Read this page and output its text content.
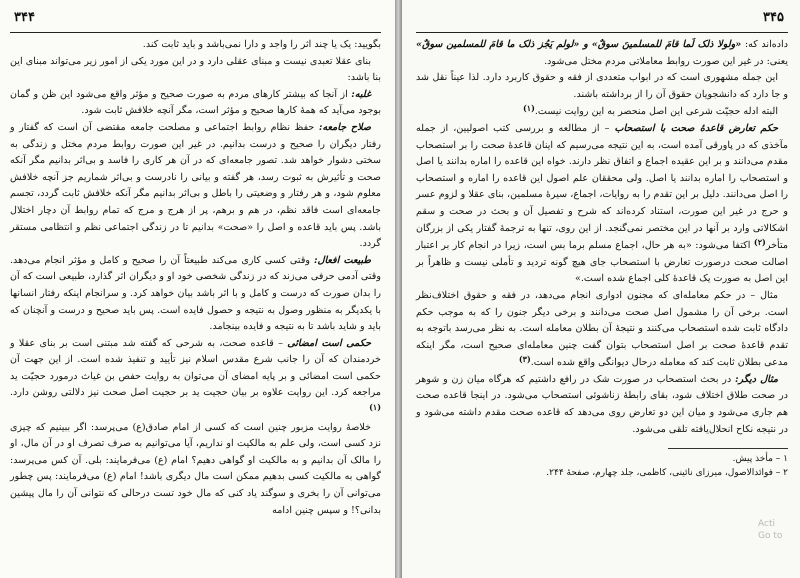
۳۴۴

بگویید: یک یا چند اثر را واجد و دارا نمی‌باشد و باید ثابت کند.

بنای عقلا تعبدی نیست و مبنای عقلی دارد و در این مورد یکی از امور زیر می‌تواند مبنای این بنا باشد:

غلبه: از آنجا که بیشتر کارهای مردم به صورت صحیح و مؤثر واقع می‌شود این ظن و گمان بوجود می‌آید که همهٔ کارها صحیح و مؤثر است، مگر آنچه خلافش ثابت شود.

صلاح جامعه: حفظ نظام روابط اجتماعی و مصلحت جامعه مقتضی آن است که گفتار و رفتار دیگران را صحیح و درست بدانیم. در غیر این صورت روابط مردم مختل و زندگی به سختی دشوار خواهد شد. تصور جامعه‌ای که در آن هر کاری را فاسد و بی‌اثر بدانیم مگر آنکه صحت و تأثیرش به ثبوت رسد، هر گفته و بیانی را نادرست و بی‌اثر شماریم جز آنچه خلافش معلوم شود، و هر رفتار و وضعیتی را باطل و بی‌اثر بدانیم مگر آنکه خلافش ثابت گردد، تجسم جامعه‌ای است فاقد نظم، در هم و برهم، پر از هرج و مرج که تمام روابط آن دچار اختلال باشد. پس باید قاعده و اصل را «صحت» بدانیم تا در زندگی اجتماعی نظم و انتظامی مستقر گردد.

طبیعت افعال: وقتی کسی کاری می‌کند طبیعتاً آن را صحیح و کامل و مؤثر انجام می‌دهد. وقتی آدمی حرفی می‌زند که در زندگی شخصی خود او و دیگران اثر گذارد، طبیعی است که آن را بدان صورت که درست و کامل و با اثر باشد بیان خواهد کرد. و سرانجام اینکه رفتار انسانها با یکدیگر به منظور وصول به نتیجه و حصول فایده است. پس باید صحیح و درست و آنچنان که باید و شاید باشد تا به نتیجه و فایده بینجامد.

حکمی است امضائی – قاعده صحت، به شرحی که گفته شد مبتنی است بر بنای عقلا و خردمندان که آن را جانب شرع مقدس اسلام نیز تأیید و تنفیذ شده است. از این جهت آن حکمی است امضائی و بر پایه امضای آن می‌توان به روایت حفص بن غیاث درمورد حجیّت ید مراجعه کرد. این روایت علاوه بر بیان حجیت ید بر حجیت اصل صحت نیز دلالتی روشن دارد.$^{(۱)}$

خلاصهٔ روایت مزبور چنین است که کسی از امام صادق(ع) می‌پرسد: اگر ببینیم که چیزی نزد کسی است، ولی علم به مالکیت او نداریم، آیا می‌توانیم به صرف تصرف او در آن مال، او را مالک آن بدانیم و به مالکیت او گواهی دهیم؟ امام (ع) می‌فرمایند: بلی. آن کس می‌پرسد: گواهی به مالکیت کسی بدهیم ممکن است مال دیگری باشد! امام (ع) می‌فرمایند: پس چطور می‌توانی آن را بخری و سوگند یاد کنی که مال خود تست درحالی که نتوانی آن را مال پیشین بدانی؟! و سپس چنین ادامه

۳۴۵

داده‌اند که: «ولولا ذلک لَما قامَ للمسلمینَ سوقٌ» و «لولم یَجُز ذلک ما قامَ للمسلمین سوقٌ» یعنی: در غیر این صورت روابط معاملاتی مردم مختل می‌شود.

این جمله مشهوری است که در ابواب متعددی از فقه و حقوق کاربرد دارد. لذا عیناً نقل شد و جا دارد که دانشجویان حقوق آن را از برداشته باشند.

البته ادله حجیّت شرعی این اصل منحصر به این روایت نیست.$^{(۱)}$

حکم تعارض قاعدهٔ صحت با استصحاب – از مطالعه و بررسی کتب اصولیین، از جمله مآخذی که در پاورقی آمده است، به این نتیجه می‌رسیم که اینان قاعدهٔ صحت را بر استصحاب مقدم می‌دانند و بر این عقیده اجماع و اتفاق نظر دارند. خواه این قاعده را اماره بدانند یا اصل و استصحاب را اماره بدانند یا اصل. ولی محققان علم اصول این قاعده را اماره و استصحاب را اصل می‌دانند. دلیل بر این تقدم را به روایات، اجماع، سیرهٔ مسلمین، بنای عقلا و لزوم عسر و حرج در غیر این صورت، استناد کرده‌اند که شرح و تفصیل آن و بحث در صحت و سقم اشکالاتی وارد بر آنها در این مختصر نمی‌گنجد. از این روی، تنها به ترجمهٔ گفتار یکی از بزرگان متأخر$^{(۲)}$ اکتفا می‌شود: «به هر حال، اجماع مسلم برما بس است، زیرا در انجام کار بر اعتبار اصالت صحت درصورت تعارض با استصحاب جای هیچ گونه تردید و تأملی نیست و ظاهراً بر این اصل به صورت یک قاعدهٔ کلی اجماع شده است.»

مثال – در حکم معامله‌ای که مجنون ادواری انجام می‌دهد، در فقه و حقوق اختلاف‌نظر است. برخی آن را مشمول اصل صحت می‌دانند و برخی دیگر جنون را که به موجب حکم دادگاه ثابت شده استصحاب می‌کنند و نتیجهٔ آن بطلان معامله است. به نظر می‌رسد باتوجه به تقدم قاعدهٔ صحت بر اصل استصحاب بتوان گفت چنین معامله‌ای صحیح است، مگر اینکه مدعی بطلان ثابت کند که معامله درحال دیوانگی واقع شده است.$^{(۳)}$

مثال دیگر: در بحث استصحاب در صورت شک در رافع داشتیم که هرگاه میان زن و شوهر در صحت طلاق اختلاف شود، بقای رابطهٔ زناشوئی استصحاب می‌شود. در اینجا قاعده صحت هم جاری می‌شود و میان این دو تعارض روی می‌دهد که قاعده صحت مقدم داشته می‌شود و در نتیجه نکاح انحلال‌یافته تلقی می‌شود.

۱ – مأخذ پیش.
۲ – فوائدالاصول، میرزای نائینی، کاظمی، جلد چهارم، صفحهٔ ۲۴۴.
Acti
Go to
